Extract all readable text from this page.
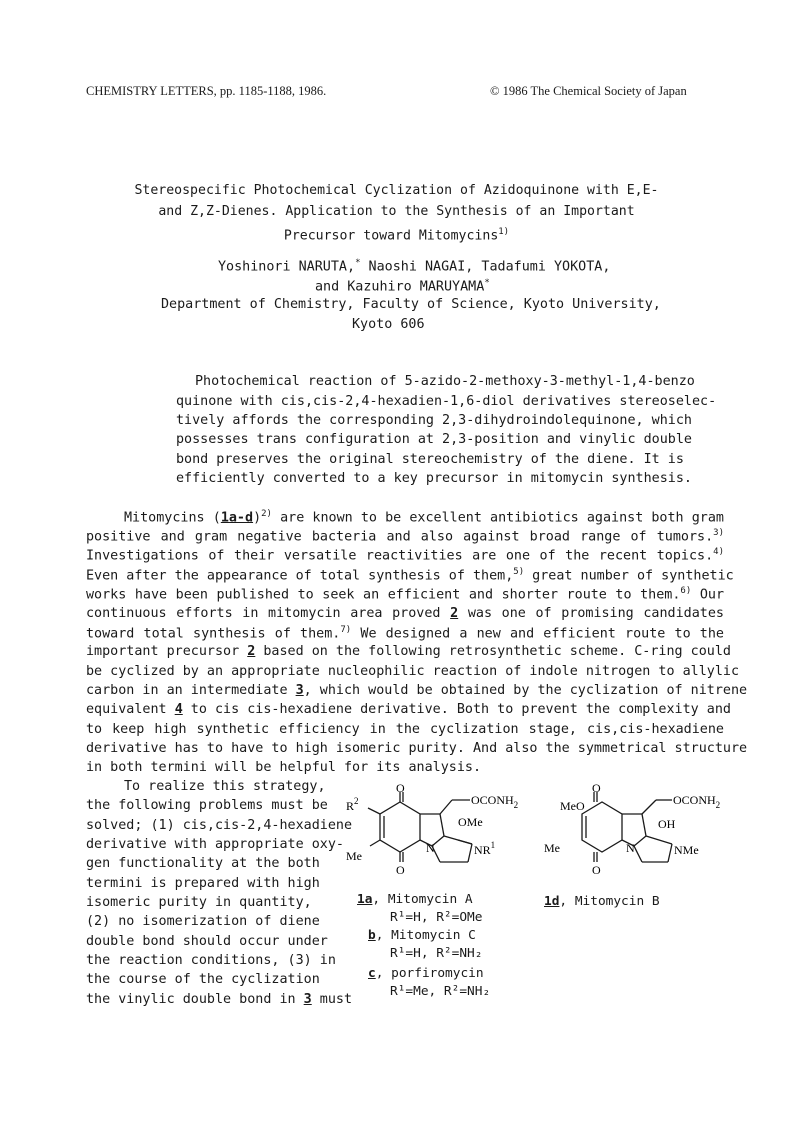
CHEMISTRY LETTERS, pp. 1185-1188, 1986.	© 1986 The Chemical Society of Japan
Stereospecific Photochemical Cyclization of Azidoquinone with E,E-
and Z,Z-Dienes. Application to the Synthesis of an Important
Precursor toward Mitomycins$^{1)}$
Yoshinori NARUTA,* Naoshi NAGAI, Tadafumi YOKOTA,
and Kazuhiro MARUYAMA*
Department of Chemistry, Faculty of Science, Kyoto University,
Kyoto 606
Photochemical reaction of 5-azido-2-methoxy-3-methyl-1,4-benzo
quinone with cis,cis-2,4-hexadien-1,6-diol derivatives stereoselec-
tively affords the corresponding 2,3-dihydroindolequinone, which
possesses trans configuration at 2,3-position and vinylic double
bond preserves the original stereochemistry of the diene. It is
efficiently converted to a key precursor in mitomycin synthesis.
Mitomycins $(1a-d)^{2)}$ are known to be excellent antibiotics against both gram
positive and gram negative bacteria and also against broad range of tumors.$^{3)}$
Investigations of their versatile reactivities are one of the recent topics.$^{4)}$
Even after the appearance of total synthesis of them,$^{5)}$ great number of synthetic
works have been published to seek an efficient and shorter route to them.$^{6)}$ Our
continuous efforts in mitomycin area proved 2 was one of promising candidates
toward total synthesis of them.$^{7)}$ We designed a new and efficient route to the
important precursor 2 based on the following retrosynthetic scheme. C-ring could
be cyclized by an appropriate nucleophilic reaction of indole nitrogen to allylic
carbon in an intermediate 3, which would be obtained by the cyclization of nitrene
equivalent 4 to cis cis-hexadiene derivative. Both to prevent the complexity and
to keep high synthetic efficiency in the cyclization stage, cis,cis-hexadiene
derivative has to have to high isomeric purity. And also the symmetrical structure
in both termini will be helpful for its analysis.
To realize this strategy,
the following problems must be
solved; (1) cis,cis-2,4-hexadiene
derivative with appropriate oxy-
gen functionality at the both
termini is prepared with high
isomeric purity in quantity,
(2) no isomerization of diene
double bond should occur under
the reaction conditions, (3) in
the course of the cyclization
the vinylic double bond in 3 must
$R^2$
O
$OCONH_2$
OMe
Me
N
O
$NR^1$
MeO
O
$OCONH_2$
OH
Me	N
O
NMe
1a, Mitomycin A
R¹=H, R²=OMe
b, Mitomycin C
R¹=H, R²=NH₂
c, porfiromycin
R¹=Me, R²=NH₂
1d, Mitomycin B
